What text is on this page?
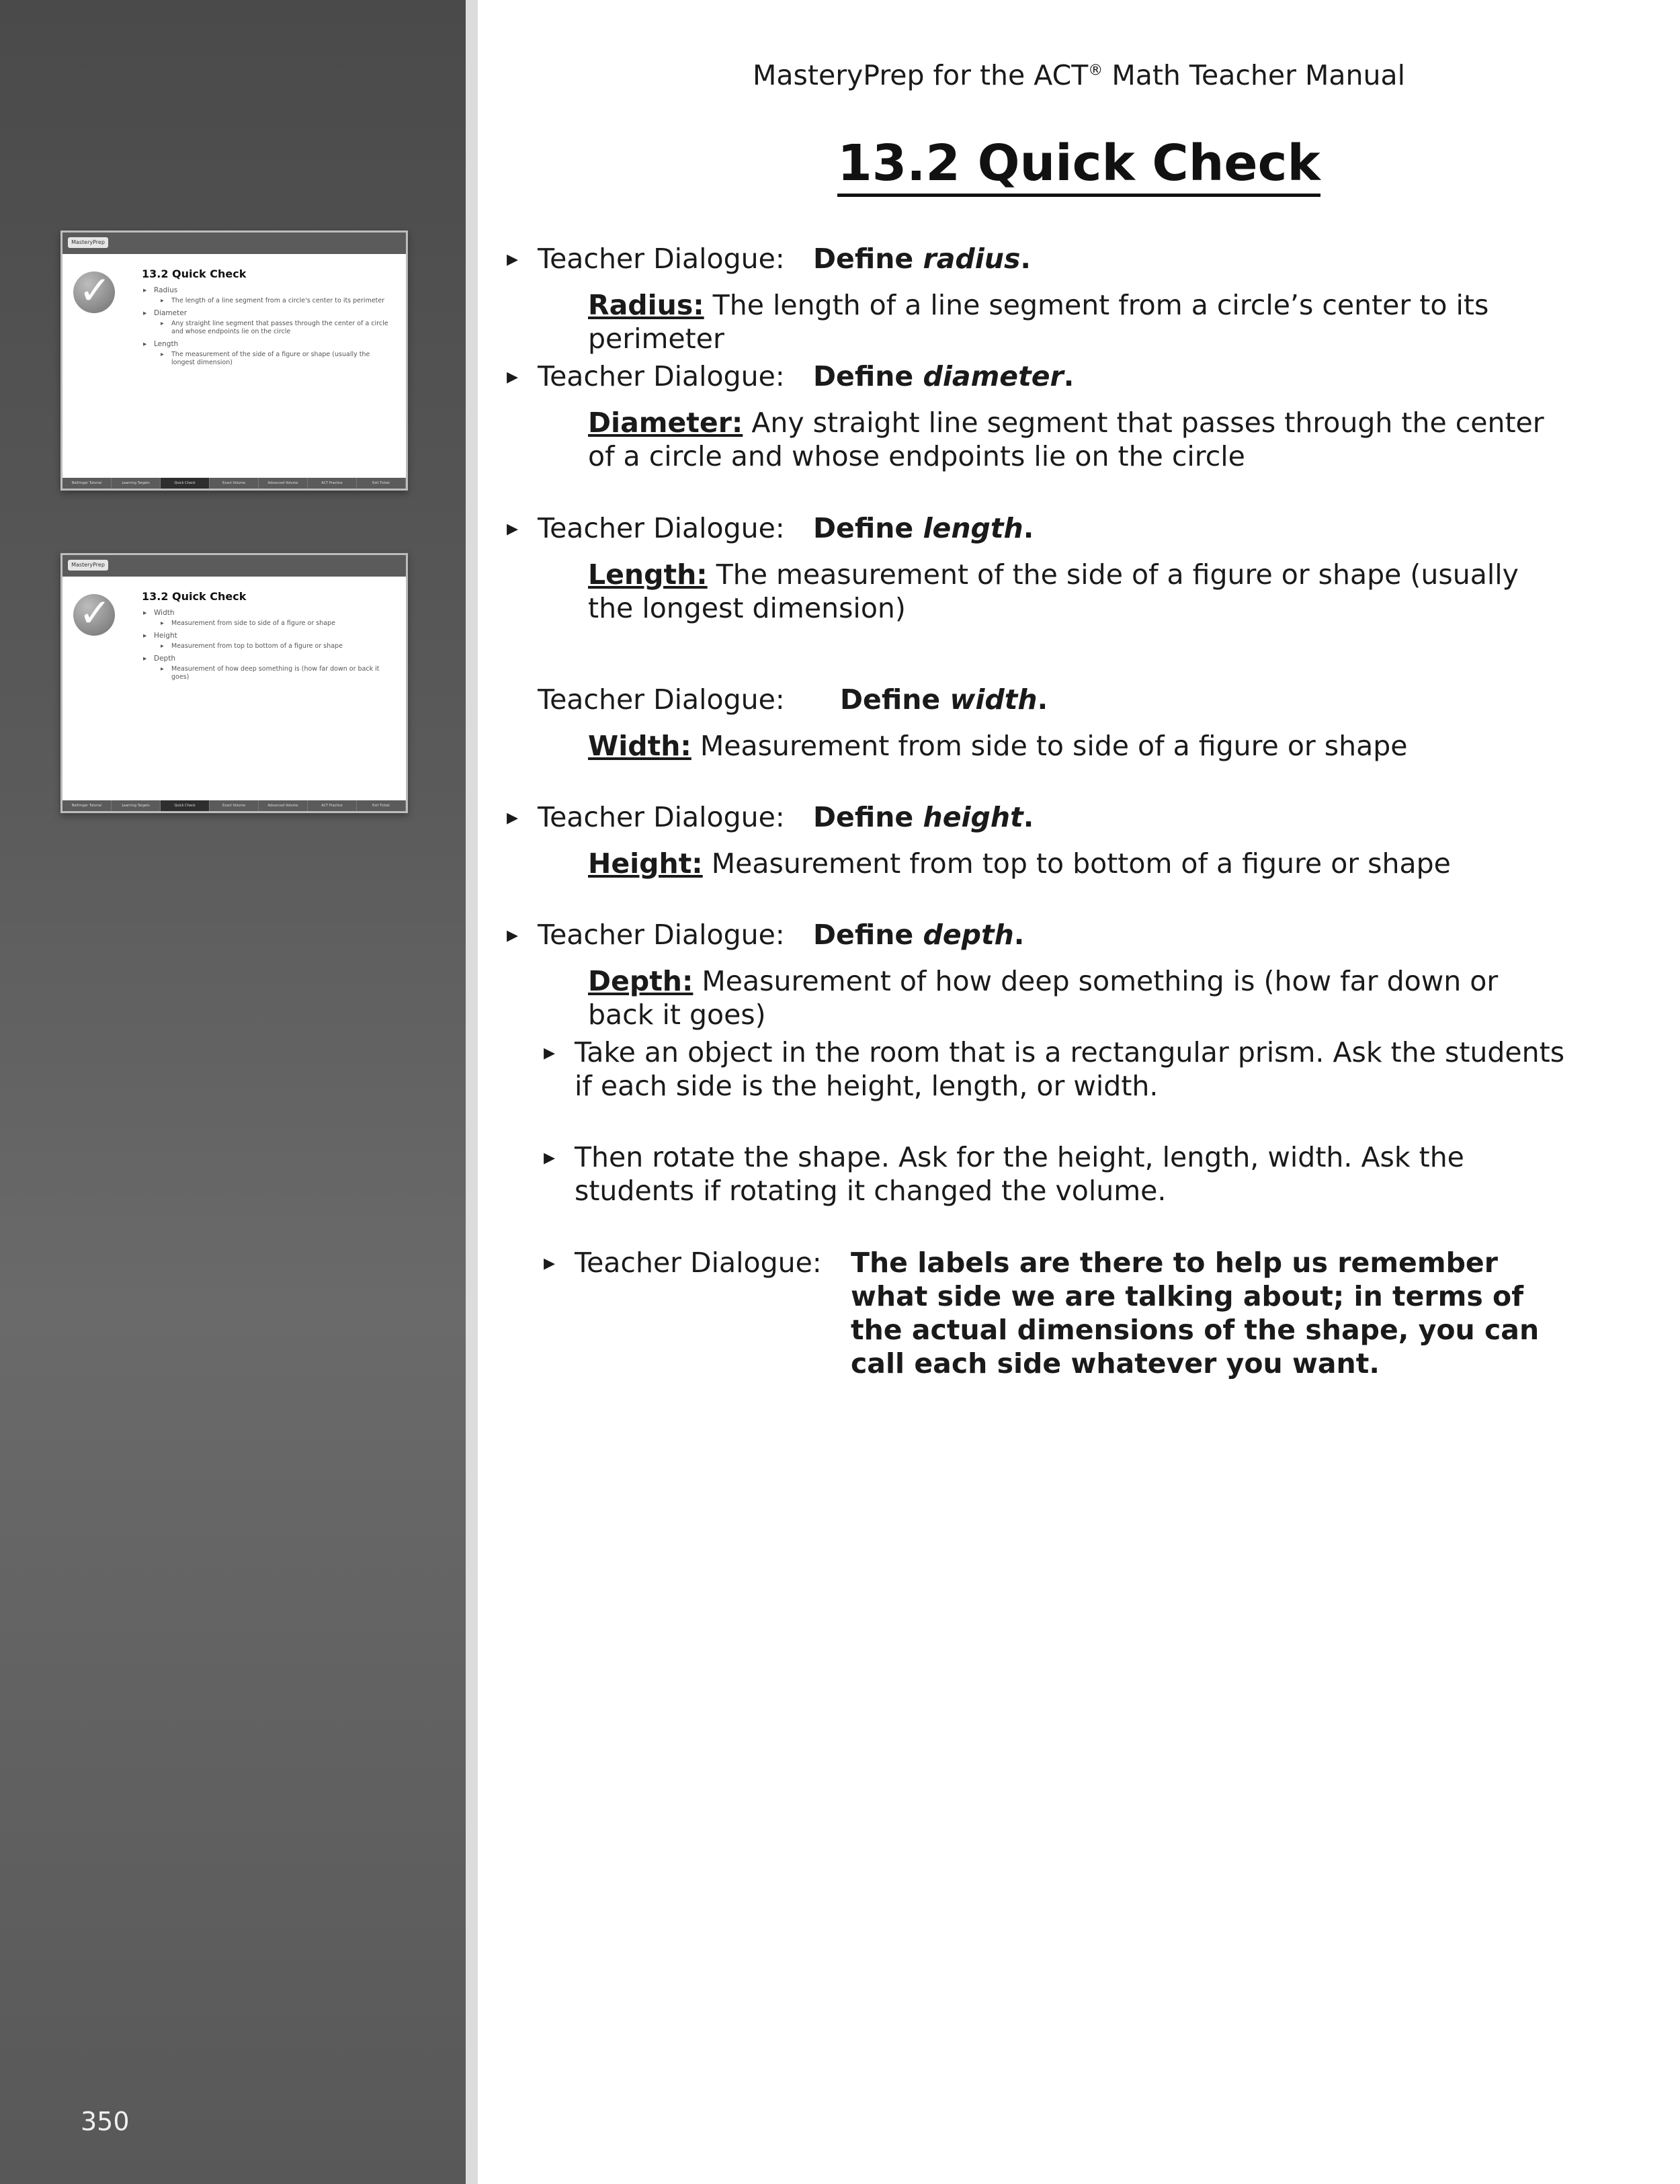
MasteryPrep
✓	13.2 Quick Check
▸ Radius
▸ The length of a line segment from a circle's center to its perimeter
▸ Diameter
▸ Any straight line segment that passes through the center of a circle and whose endpoints lie on the circle
▸ Length
▸ The measurement of the side of a figure or shape (usually the longest dimension)
Bellringer Tutorial	Learning Targets	Quick Check	Exact Volume	Advanced Volume	ACT Practice	Exit Ticket
MasteryPrep
✓	13.2 Quick Check
▸ Width
▸ Measurement from side to side of a figure or shape
▸ Height
▸ Measurement from top to bottom of a figure or shape
▸ Depth
▸ Measurement of how deep something is (how far down or back it goes)
Bellringer Tutorial	Learning Targets	Quick Check	Exact Volume	Advanced Volume	ACT Practice	Exit Ticket
350
MasteryPrep for the ACT® Math Teacher Manual
13.2 Quick Check
▸ Teacher Dialogue: Define radius.
Radius: The length of a line segment from a circle’s center to its perimeter
▸ Teacher Dialogue: Define diameter.
Diameter: Any straight line segment that passes through the center of a circle and whose endpoints lie on the circle
▸ Teacher Dialogue: Define length.
Length: The measurement of the side of a figure or shape (usually the longest dimension)
Teacher Dialogue: Define width.
Width: Measurement from side to side of a figure or shape
▸ Teacher Dialogue: Define height.
Height: Measurement from top to bottom of a figure or shape
▸ Teacher Dialogue: Define depth.
Depth: Measurement of how deep something is (how far down or back it goes)
▸ Take an object in the room that is a rectangular prism. Ask the students if each side is the height, length, or width.
▸ Then rotate the shape. Ask for the height, length, width. Ask the students if rotating it changed the volume.
▸ Teacher Dialogue:	The labels are there to help us remember what side we are talking about; in terms of the actual dimensions of the shape, you can call each side whatever you want.
